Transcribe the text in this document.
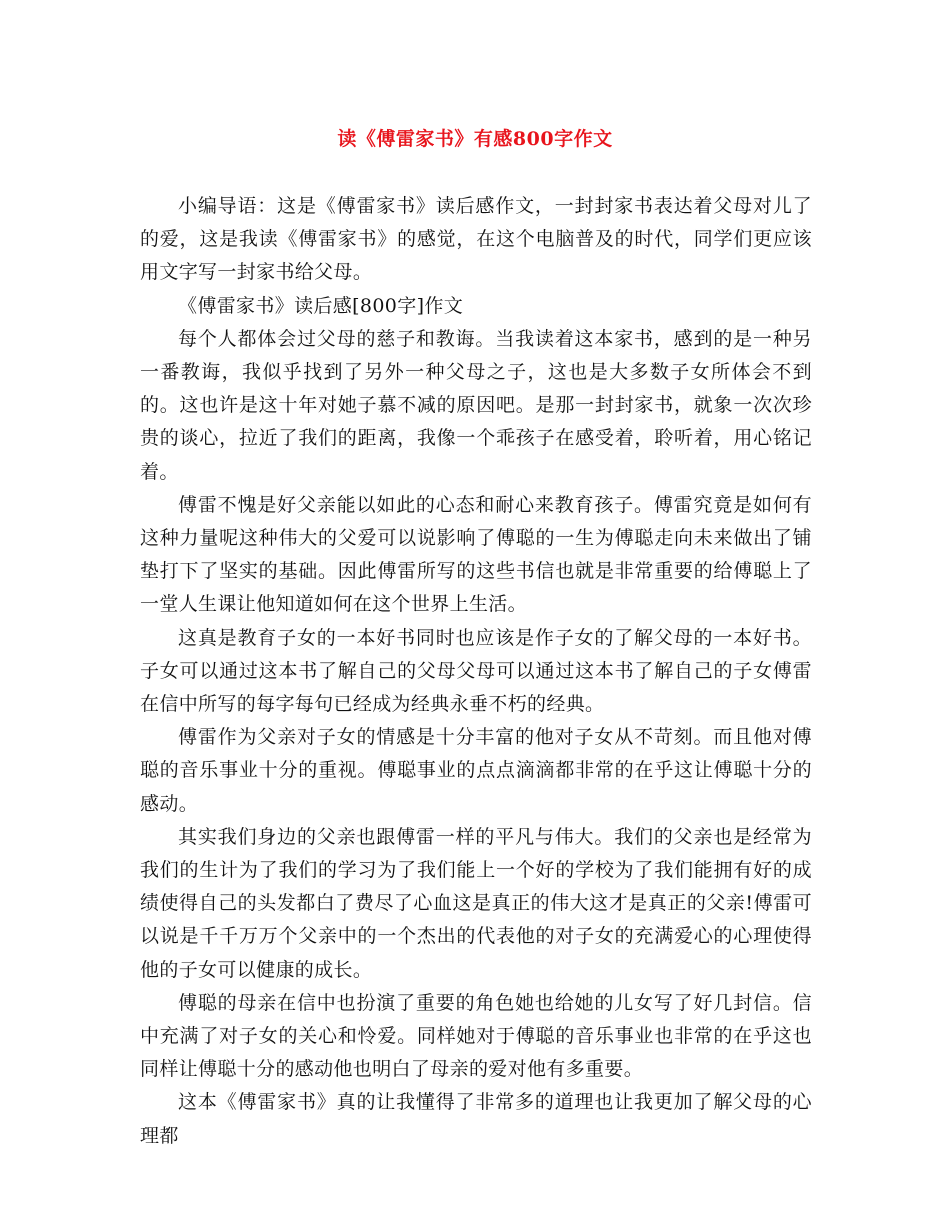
读《傅雷家书》有感800字作文

小编导语：这是《傅雷家书》读后感作文，一封封家书表达着父母对儿了的爱，这是我读《傅雷家书》的感觉，在这个电脑普及的时代，同学们更应该用文字写一封家书给父母。

《傅雷家书》读后感[800字]作文

每个人都体会过父母的慈子和教诲。当我读着这本家书，感到的是一种另一番教诲，我似乎找到了另外一种父母之子，这也是大多数子女所体会不到的。这也许是这十年对她子慕不减的原因吧。是那一封封家书，就象一次次珍贵的谈心，拉近了我们的距离，我像一个乖孩子在感受着，聆听着，用心铭记着。

傅雷不愧是好父亲能以如此的心态和耐心来教育孩子。傅雷究竟是如何有这种力量呢这种伟大的父爱可以说影响了傅聪的一生为傅聪走向未来做出了铺垫打下了坚实的基础。因此傅雷所写的这些书信也就是非常重要的给傅聪上了一堂人生课让他知道如何在这个世界上生活。

这真是教育子女的一本好书同时也应该是作子女的了解父母的一本好书。子女可以通过这本书了解自己的父母父母可以通过这本书了解自己的子女傅雷在信中所写的每字每句已经成为经典永垂不朽的经典。

傅雷作为父亲对子女的情感是十分丰富的他对子女从不苛刻。而且他对傅聪的音乐事业十分的重视。傅聪事业的点点滴滴都非常的在乎这让傅聪十分的感动。

其实我们身边的父亲也跟傅雷一样的平凡与伟大。我们的父亲也是经常为我们的生计为了我们的学习为了我们能上一个好的学校为了我们能拥有好的成绩使得自己的头发都白了费尽了心血这是真正的伟大这才是真正的父亲!傅雷可以说是千千万万个父亲中的一个杰出的代表他的对子女的充满爱心的心理使得他的子女可以健康的成长。

傅聪的母亲在信中也扮演了重要的角色她也给她的儿女写了好几封信。信中充满了对子女的关心和怜爱。同样她对于傅聪的音乐事业也非常的在乎这也同样让傅聪十分的感动他也明白了母亲的爱对他有多重要。

这本《傅雷家书》真的让我懂得了非常多的道理也让我更加了解父母的心理都
